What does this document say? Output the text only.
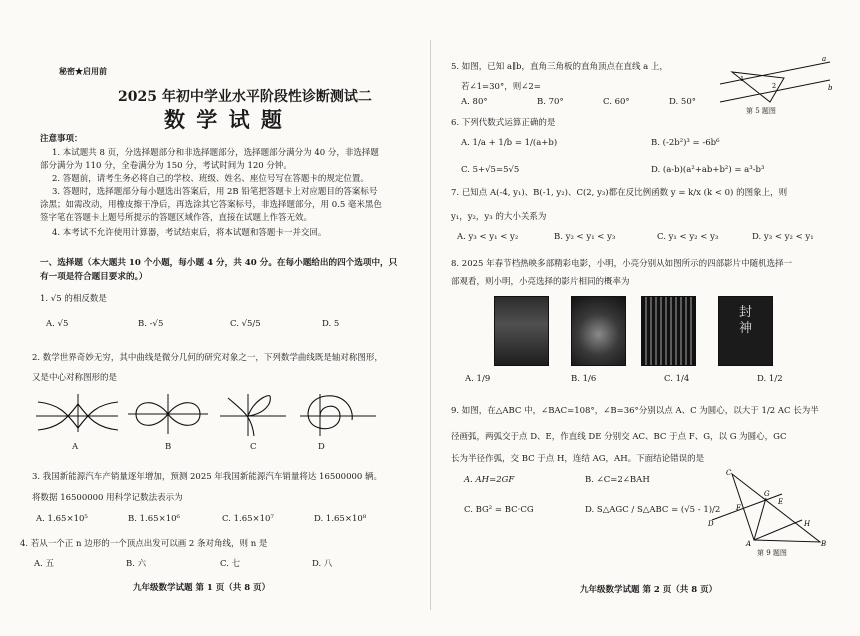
秘密★启用前
2025 年初中学业水平阶段性诊断测试二
数 学 试 题
注意事项：
1. 本试题共 8 页，分选择题部分和非选择题部分，选择题部分满分为 40 分，非选择题
部分满分为 110 分，全卷满分为 150 分，考试时间为 120 分钟。
2. 答题前，请考生务必将自己的学校、班级、姓名、座位号写在答题卡的规定位置。
3. 答题时，选择题部分每小题选出答案后，用 2B 铅笔把答题卡上对应题目的答案标号
涂黑；如需改动，用橡皮擦干净后，再选涂其它答案标号，非选择题部分，用 0.5 毫米黑色
签字笔在答题卡上题号所提示的答题区域作答，直接在试题上作答无效。
4. 本考试不允许使用计算器，考试结束后，将本试题和答题卡一并交回。
一、选择题（本大题共 10 个小题，每小题 4 分，共 40 分。在每小题给出的四个选项中，只
有一项是符合题目要求的。）
1. √5 的相反数是
A. √5	B. -√5	C. √5/5	D. 5
2. 数学世界奇妙无穷，其中曲线是微分几何的研究对象之一，下列数学曲线既是轴对称图形，
又是中心对称图形的是
A	B	C	D
3. 我国新能源汽车产销量逐年增加，预测 2025 年我国新能源汽车销量将达 16500000 辆。
将数据 16500000 用科学记数法表示为
A. 1.65×10⁵	B. 1.65×10⁶	C. 1.65×10⁷	D. 1.65×10⁸
4. 若从一个正 n 边形的一个顶点出发可以画 2 条对角线，则 n 是
A. 五	B. 六	C. 七	D. 八
九年级数学试题 第 1 页（共 8 页）
5. 如图，已知 a∥b，直角三角板的直角顶点在直线 a 上，
若∠1=30°，则∠2=
A. 80°	B. 70°	C. 60°	D. 50°
a
b
1
2
第 5 题图
6. 下列代数式运算正确的是
A. 1/a + 1/b = 1/(a+b)	B. (-2b²)³ = -6b⁶
C. 5+√5=5√5	D. (a-b)(a²+ab+b²) = a³-b³
7. 已知点 A(-4, y₁)、B(-1, y₂)、C(2, y₃)都在反比例函数 y = k/x (k < 0) 的图象上，则
y₁，y₂，y₃ 的大小关系为
A. y₃ < y₁ < y₂	B. y₂ < y₁ < y₃	C. y₁ < y₂ < y₃	D. y₃ < y₂ < y₁
8. 2025 年春节档热映多部精彩电影，小明，小亮分别从如图所示的四部影片中随机选择一
部观看，则小明，小亮选择的影片相同的概率为
封神
A. 1/9	B. 1/6	C. 1/4	D. 1/2
9. 如图，在△ABC 中，∠BAC=108°，∠B=36°分别以点 A、C 为圆心，以大于 1/2 AC 长为半
径画弧，两弧交于点 D、E，作直线 DE 分别交 AC、BC 于点 F、G，以 G 为圆心，GC
长为半径作弧，交 BC 于点 H，连结 AG，AH。下面结论错误的是
A. AH=2GF	B. ∠C=2∠BAH
C. BG² = BC·CG	D. S△AGC / S△ABC = (√5 - 1)/2
C
G
E
F
D	H
A	B
第 9 题图
九年级数学试题 第 2 页（共 8 页）
